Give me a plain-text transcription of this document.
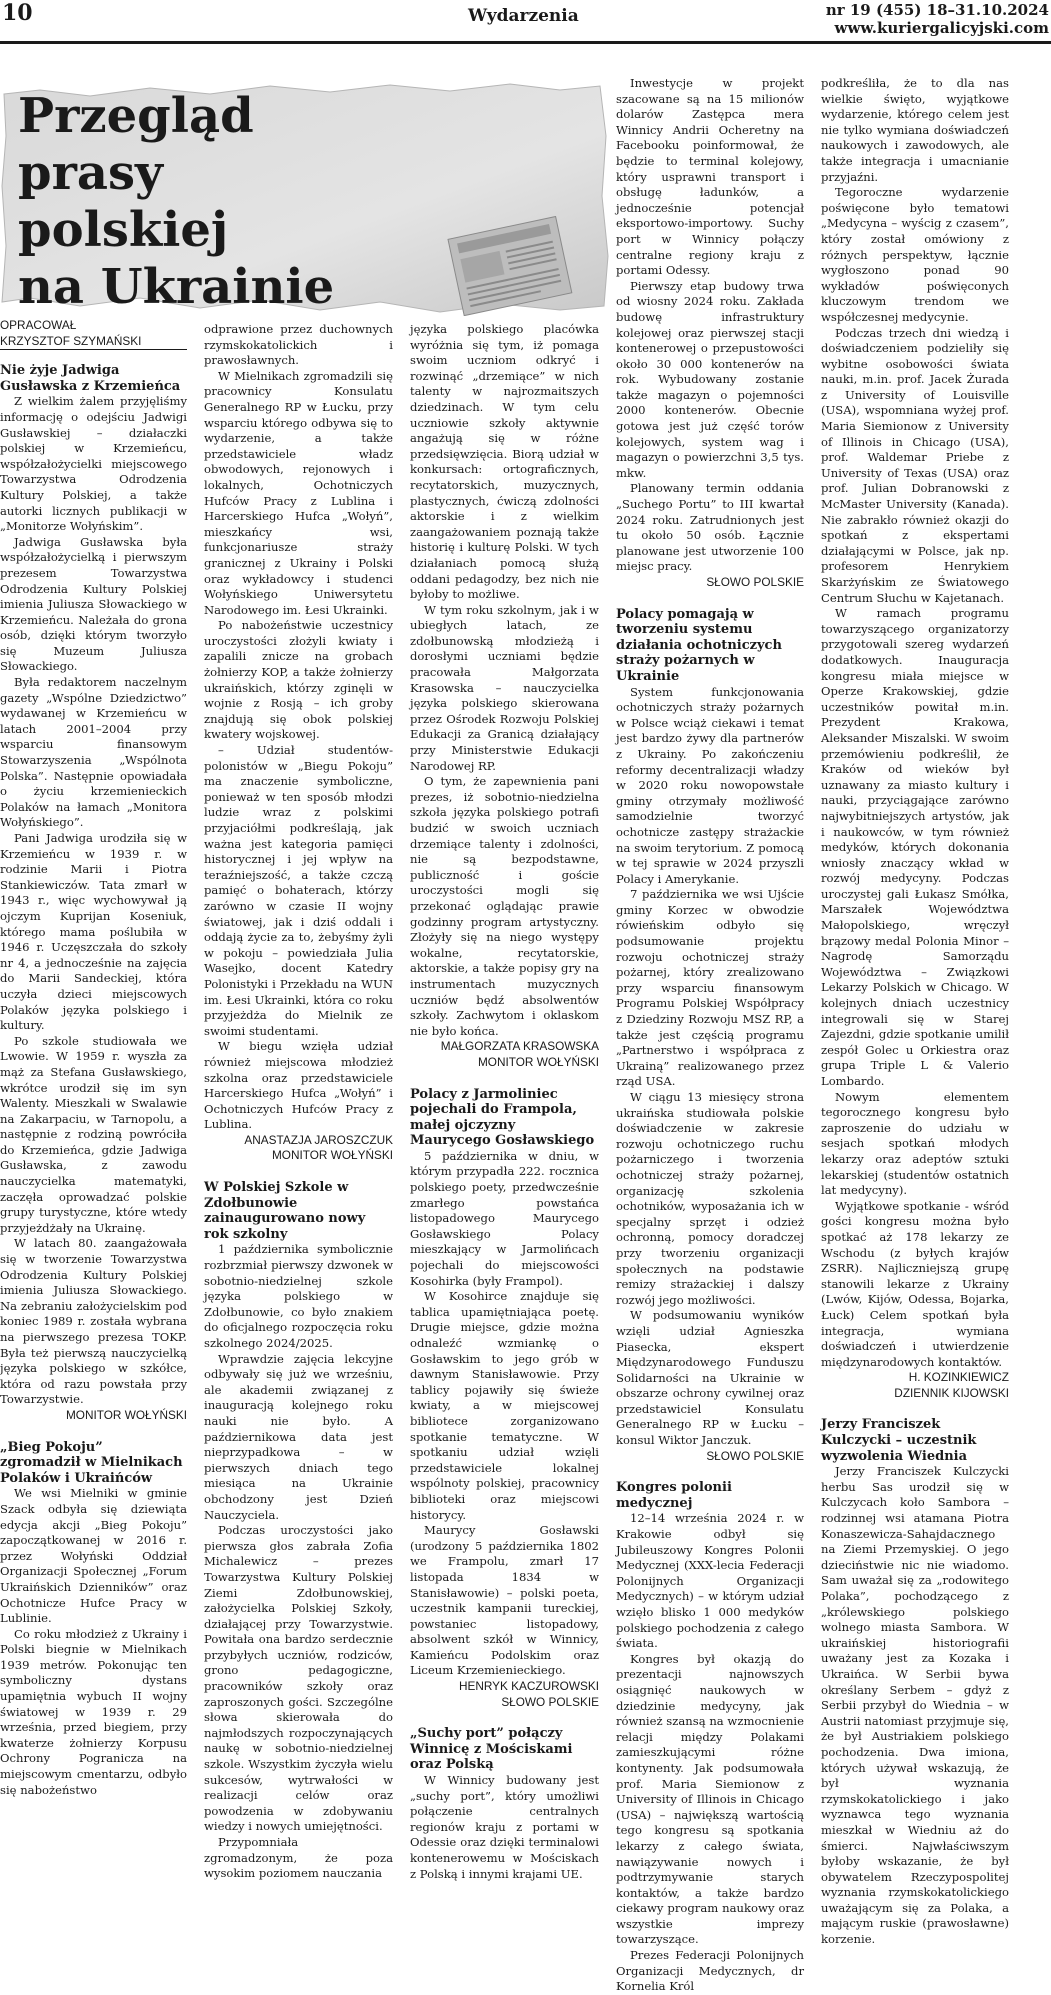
10	Wydarzenia	nr 19 (455) 18–31.10.2024
www.kuriergalicyjski.com
Przegląd prasy
polskiej
na Ukrainie
OPRACOWAŁ
KRZYSZTOF SZYMAŃSKI
Nie żyje Jadwiga Gusławska z Krzemieńca

Z wielkim żalem przyjęliśmy informację o odejściu Jadwigi Gusławskiej – działaczki polskiej w Krzemieńcu, współzałożycielki miejscowego Towarzystwa Odrodzenia Kultury Polskiej, a także autorki licznych publikacji w „Monitorze Wołyńskim”.

Jadwiga Gusławska była współzałożycielką i pierwszym prezesem Towarzystwa Odrodzenia Kultury Polskiej imienia Juliusza Słowackiego w Krzemieńcu. Należała do grona osób, dzięki którym tworzyło się Muzeum Juliusza Słowackiego.

Była redaktorem naczelnym gazety „Wspólne Dziedzictwo” wydawanej w Krzemieńcu w latach 2001–2004 przy wsparciu finansowym Stowarzyszenia „Wspólnota Polska”. Następnie opowiadała o życiu krzemienieckich Polaków na łamach „Monitora Wołyńskiego”.

Pani Jadwiga urodziła się w Krzemieńcu w 1939 r. w rodzinie Marii i Piotra Stankiewiczów. Tata zmarł w 1943 r., więc wychowywał ją ojczym Kuprijan Koseniuk, którego mama poślubiła w 1946 r. Uczęszczała do szkoły nr 4, a jednocześnie na zajęcia do Marii Sandeckiej, która uczyła dzieci miejscowych Polaków języka polskiego i kultury.

Po szkole studiowała we Lwowie. W 1959 r. wyszła za mąż za Stefana Gusławskiego, wkrótce urodził się im syn Walenty. Mieszkali w Swalawie na Zakarpaciu, w Tarnopolu, a następnie z rodziną powróciła do Krzemieńca, gdzie Jadwiga Gusławska, z zawodu nauczycielka matematyki, zaczęła oprowadzać polskie grupy turystyczne, które wtedy przyjeżdżały na Ukrainę.

W latach 80. zaangażowała się w tworzenie Towarzystwa Odrodzenia Kultury Polskiej imienia Juliusza Słowackiego. Na zebraniu założycielskim pod koniec 1989 r. została wybrana na pierwszego prezesa TOKP. Była też pierwszą nauczycielką języka polskiego w szkółce, która od razu powstała przy Towarzystwie.

MONITOR WOŁYŃSKI
„Bieg Pokoju” zgromadził w Mielnikach Polaków i Ukraińców

We wsi Mielniki w gminie Szack odbyła się dziewiąta edycja akcji „Bieg Pokoju” zapoczątkowanej w 2016 r. przez Wołyński Oddział Organizacji Społecznej „Forum Ukraińskich Dzienników” oraz Ochotnicze Hufce Pracy w Lublinie.

Co roku młodzież z Ukrainy i Polski biegnie w Mielnikach 1939 metrów. Pokonując ten symboliczny dystans upamiętnia wybuch II wojny światowej w 1939 r. 29 września, przed biegiem, przy kwaterze żołnierzy Korpusu Ochrony Pogranicza na miejscowym cmentarzu, odbyło się nabożeństwo

odprawione przez duchownych rzymskokatolickich i prawosławnych.

W Mielnikach zgromadzili się pracownicy Konsulatu Generalnego RP w Łucku, przy wsparciu którego odbywa się to wydarzenie, a także przedstawiciele władz obwodowych, rejonowych i lokalnych, Ochotniczych Hufców Pracy z Lublina i Harcerskiego Hufca „Wołyń”, mieszkańcy wsi, funkcjonariusze straży granicznej z Ukrainy i Polski oraz wykładowcy i studenci Wołyńskiego Uniwersytetu Narodowego im. Łesi Ukrainki.

Po nabożeństwie uczestnicy uroczystości złożyli kwiaty i zapalili znicze na grobach żołnierzy KOP, a także żołnierzy ukraińskich, którzy zginęli w wojnie z Rosją – ich groby znajdują się obok polskiej kwatery wojskowej.

– Udział studentów-polonistów w „Biegu Pokoju” ma znaczenie symboliczne, ponieważ w ten sposób młodzi ludzie wraz z polskimi przyjaciółmi podkreślają, jak ważna jest kategoria pamięci historycznej i jej wpływ na teraźniejszość, a także czczą pamięć o bohaterach, którzy zarówno w czasie II wojny światowej, jak i dziś oddali i oddają życie za to, żebyśmy żyli w pokoju – powiedziała Julia Wasejko, docent Katedry Polonistyki i Przekładu na WUN im. Łesi Ukrainki, która co roku przyjeżdża do Mielnik ze swoimi studentami.

W biegu wzięła udział również miejscowa młodzież szkolna oraz przedstawiciele Harcerskiego Hufca „Wołyń” i Ochotniczych Hufców Pracy z Lublina.

ANASTAZJA JAROSZCZUK
MONITOR WOŁYŃSKI
W Polskiej Szkole w Zdołbunowie zainaugurowano nowy rok szkolny

1 października symbolicznie rozbrzmiał pierwszy dzwonek w sobotnio-niedzielnej szkole języka polskiego w Zdołbunowie, co było znakiem do oficjalnego rozpoczęcia roku szkolnego 2024/2025.

Wprawdzie zajęcia lekcyjne odbywały się już we wrześniu, ale akademii związanej z inauguracją kolejnego roku nauki nie było. A październikowa data jest nieprzypadkowa – w pierwszych dniach tego miesiąca na Ukrainie obchodzony jest Dzień Nauczyciela.

Podczas uroczystości jako pierwsza głos zabrała Zofia Michalewicz – prezes Towarzystwa Kultury Polskiej Ziemi Zdołbunowskiej, założycielka Polskiej Szkoły, działającej przy Towarzystwie. Powitała ona bardzo serdecznie przybyłych uczniów, rodziców, grono pedagogiczne, pracowników szkoły oraz zaproszonych gości. Szczególne słowa skierowała do najmłodszych rozpoczynających naukę w sobotnio-niedzielnej szkole. Wszystkim życzyła wielu sukcesów, wytrwałości w realizacji celów oraz powodzenia w zdobywaniu wiedzy i nowych umiejętności.

Przypomniała zgromadzonym, że poza wysokim poziomem nauczania

języka polskiego placówka wyróżnia się tym, iż pomaga swoim uczniom odkryć i rozwinąć „drzemiące” w nich talenty w najrozmaitszych dziedzinach. W tym celu uczniowie szkoły aktywnie angażują się w różne przedsięwzięcia. Biorą udział w konkursach: ortograficznych, recytatorskich, muzycznych, plastycznych, ćwiczą zdolności aktorskie i z wielkim zaangażowaniem poznają także historię i kulturę Polski. W tych działaniach pomocą służą oddani pedagodzy, bez nich nie byłoby to możliwe.

W tym roku szkolnym, jak i w ubiegłych latach, ze zdołbunowską młodzieżą i dorosłymi uczniami będzie pracowała Małgorzata Krasowska – nauczycielka języka polskiego skierowana przez Ośrodek Rozwoju Polskiej Edukacji za Granicą działający przy Ministerstwie Edukacji Narodowej RP.

O tym, że zapewnienia pani prezes, iż sobotnio-niedzielna szkoła języka polskiego potrafi budzić w swoich uczniach drzemiące talenty i zdolności, nie są bezpodstawne, publiczność i goście uroczystości mogli się przekonać oglądając prawie godzinny program artystyczny. Złożyły się na niego występy wokalne, recytatorskie, aktorskie, a także popisy gry na instrumentach muzycznych uczniów będź absolwentów szkoły. Zachwytom i oklaskom nie było końca.

MAŁGORZATA KRASOWSKA
MONITOR WOŁYŃSKI
Polacy z Jarmoliniec pojechali do Frampola, małej ojczyzny Maurycego Gosławskiego

5 października w dniu, w którym przypadła 222. rocznica polskiego poety, przedwcześnie zmarłego powstańca listopadowego Maurycego Gosławskiego Polacy mieszkający w Jarmolińcach pojechali do miejscowości Kosohirka (były Frampol).

W Kosohirce znajduje się tablica upamiętniająca poetę. Drugie miejsce, gdzie można odnaleźć wzmiankę o Gosławskim to jego grób w dawnym Stanisławowie. Przy tablicy pojawiły się świeże kwiaty, a w miejscowej bibliotece zorganizowano spotkanie tematyczne. W spotkaniu udział wzięli przedstawiciele lokalnej wspólnoty polskiej, pracownicy biblioteki oraz miejscowi historycy.

Maurycy Gosławski (urodzony 5 października 1802 we Frampolu, zmarł 17 listopada 1834 w Stanisławowie) – polski poeta, uczestnik kampanii tureckiej, powstaniec listopadowy, absolwent szkół w Winnicy, Kamieńcu Podolskim oraz Liceum Krzemienieckiego.

HENRYK KACZUROWSKI
SŁOWO POLSKIE
„Suchy port” połączy Winnicę z Mościskami oraz Polską

W Winnicy budowany jest „suchy port”, który umożliwi połączenie centralnych regionów kraju z portami w Odessie oraz dzięki terminalowi kontenerowemu w Mościskach z Polską i innymi krajami UE.

Inwestycje w projekt szacowane są na 15 milionów dolarów Zastępca mera Winnicy Andrii Ocheretny na Facebooku poinformował, że będzie to terminal kolejowy, który usprawni transport i obsługę ładunków, a jednocześnie potencjał eksportowo-importowy. Suchy port w Winnicy połączy centralne regiony kraju z portami Odessy.

Pierwszy etap budowy trwa od wiosny 2024 roku. Zakłada budowę infrastruktury kolejowej oraz pierwszej stacji kontenerowej o przepustowości około 30 000 kontenerów na rok. Wybudowany zostanie także magazyn o pojemności 2000 kontenerów. Obecnie gotowa jest już część torów kolejowych, system wag i magazyn o powierzchni 3,5 tys. mkw.

Planowany termin oddania „Suchego Portu” to III kwartał 2024 roku. Zatrudnionych jest tu około 50 osób. Łącznie planowane jest utworzenie 100 miejsc pracy.

SŁOWO POLSKIE
Polacy pomagają w tworzeniu systemu działania ochotniczych straży pożarnych w Ukrainie

System funkcjonowania ochotniczych straży pożarnych w Polsce wciąż ciekawi i temat jest bardzo żywy dla partnerów z Ukrainy. Po zakończeniu reformy decentralizacji władzy w 2020 roku nowopowstałe gminy otrzymały możliwość samodzielnie tworzyć ochotnicze zastępy strażackie na swoim terytorium. Z pomocą w tej sprawie w 2024 przyszli Polacy i Amerykanie.

7 października we wsi Ujście gminy Korzec w obwodzie rówieńskim odbyło się podsumowanie projektu rozwoju ochotniczej straży pożarnej, który zrealizowano przy wsparciu finansowym Programu Polskiej Współpracy z Dziedziny Rozwoju MSZ RP, a także jest częścią programu „Partnerstwo i współpraca z Ukrainą” realizowanego przez rząd USA.

W ciągu 13 miesięcy strona ukraińska studiowała polskie doświadczenie w zakresie rozwoju ochotniczego ruchu pożarniczego i tworzenia ochotniczej straży pożarnej, organizację szkolenia ochotników, wyposażania ich w specjalny sprzęt i odzież ochronną, pomocy doradczej przy tworzeniu organizacji społecznych na podstawie remizy strażackiej i dalszy rozwój jego możliwości.

W podsumowaniu wyników wzięli udział Agnieszka Piasecka, ekspert Międzynarodowego Funduszu Solidarności na Ukrainie w obszarze ochrony cywilnej oraz przedstawiciel Konsulatu Generalnego RP w Łucku – konsul Wiktor Janczuk.

SŁOWO POLSKIE
Kongres polonii medycznej

12–14 września 2024 r. w Krakowie odbył się Jubileuszowy Kongres Polonii Medycznej (XXX-lecia Federacji Polonijnych Organizacji Medycznych) – w którym udział wzięło blisko 1 000 medyków polskiego pochodzenia z całego świata.

Kongres był okazją do prezentacji najnowszych osiągnięć naukowych w dziedzinie medycyny, jak również szansą na wzmocnienie relacji między Polakami zamieszkującymi różne kontynenty. Jak podsumowała prof. Maria Siemionow z University of Illinois in Chicago (USA) – największą wartością tego kongresu są spotkania lekarzy z całego świata, nawiązywanie nowych i podtrzymywanie starych kontaktów, a także bardzo ciekawy program naukowy oraz wszystkie imprezy towarzyszące.

Prezes Federacji Polonijnych Organizacji Medycznych, dr Kornelia Król

podkreśliła, że to dla nas wielkie święto, wyjątkowe wydarzenie, którego celem jest nie tylko wymiana doświadczeń naukowych i zawodowych, ale także integracja i umacnianie przyjaźni.

Tegoroczne wydarzenie poświęcone było tematowi „Medycyna – wyścig z czasem”, który został omówiony z różnych perspektyw, łącznie wygłoszono ponad 90 wykładów poświęconych kluczowym trendom we współczesnej medycynie.

Podczas trzech dni wiedzą i doświadczeniem podzieliły się wybitne osobowości świata nauki, m.in. prof. Jacek Żurada z University of Louisville (USA), wspomniana wyżej prof. Maria Siemionow z University of Illinois in Chicago (USA), prof. Waldemar Priebe z University of Texas (USA) oraz prof. Julian Dobranowski z McMaster University (Kanada). Nie zabrakło również okazji do spotkań z ekspertami działającymi w Polsce, jak np. profesorem Henrykiem Skarżyńskim ze Światowego Centrum Słuchu w Kajetanach.

W ramach programu towarzyszącego organizatorzy przygotowali szereg wydarzeń dodatkowych. Inauguracja kongresu miała miejsce w Operze Krakowskiej, gdzie uczestników powitał m.in. Prezydent Krakowa, Aleksander Miszalski. W swoim przemówieniu podkreślił, że Kraków od wieków był uznawany za miasto kultury i nauki, przyciągające zarówno najwybitniejszych artystów, jak i naukowców, w tym również medyków, których dokonania wniosły znaczący wkład w rozwój medycyny. Podczas uroczystej gali Łukasz Smółka, Marszałek Województwa Małopolskiego, wręczył brązowy medal Polonia Minor – Nagrodę Samorządu Województwa – Związkowi Lekarzy Polskich w Chicago. W kolejnych dniach uczestnicy integrowali się w Starej Zajezdni, gdzie spotkanie umilił zespół Golec u Orkiestra oraz grupa Triple L & Valerio Lombardo.

Nowym elementem tegorocznego kongresu było zaproszenie do udziału w sesjach spotkań młodych lekarzy oraz adeptów sztuki lekarskiej (studentów ostatnich lat medycyny).

Wyjątkowe spotkanie - wśród gości kongresu można było spotkać aż 178 lekarzy ze Wschodu (z byłych krajów ZSRR). Najliczniejszą grupę stanowili lekarze z Ukrainy (Lwów, Kijów, Odessa, Bojarka, Łuck) Celem spotkań była integracja, wymiana doświadczeń i utwierdzenie międzynarodowych kontaktów.

H. KOZINKIEWICZ
DZIENNIK KIJOWSKI
Jerzy Franciszek Kulczycki – uczestnik wyzwolenia Wiednia

Jerzy Franciszek Kulczycki herbu Sas urodził się w Kulczycach koło Sambora – rodzinnej wsi atamana Piotra Konaszewicza-Sahajdacznego na Ziemi Przemyskiej. O jego dzieciństwie nic nie wiadomo. Sam uważał się za „rodowitego Polaka”, pochodzącego z „królewskiego polskiego wolnego miasta Sambora. W ukraińskiej historiografii uważany jest za Kozaka i Ukraińca. W Serbii bywa określany Serbem – gdyż z Serbii przybył do Wiednia – w Austrii natomiast przyjmuje się, że był Austriakiem polskiego pochodzenia. Dwa imiona, których używał wskazują, że był wyznania rzymskokatolickiego i jako wyznawca tego wyznania mieszkał w Wiedniu aż do śmierci. Najwłaściwszym byłoby wskazanie, że był obywatelem Rzeczypospolitej wyznania rzymskokatolickiego uważającym się za Polaka, a mającym ruskie (prawosławne) korzenie.
